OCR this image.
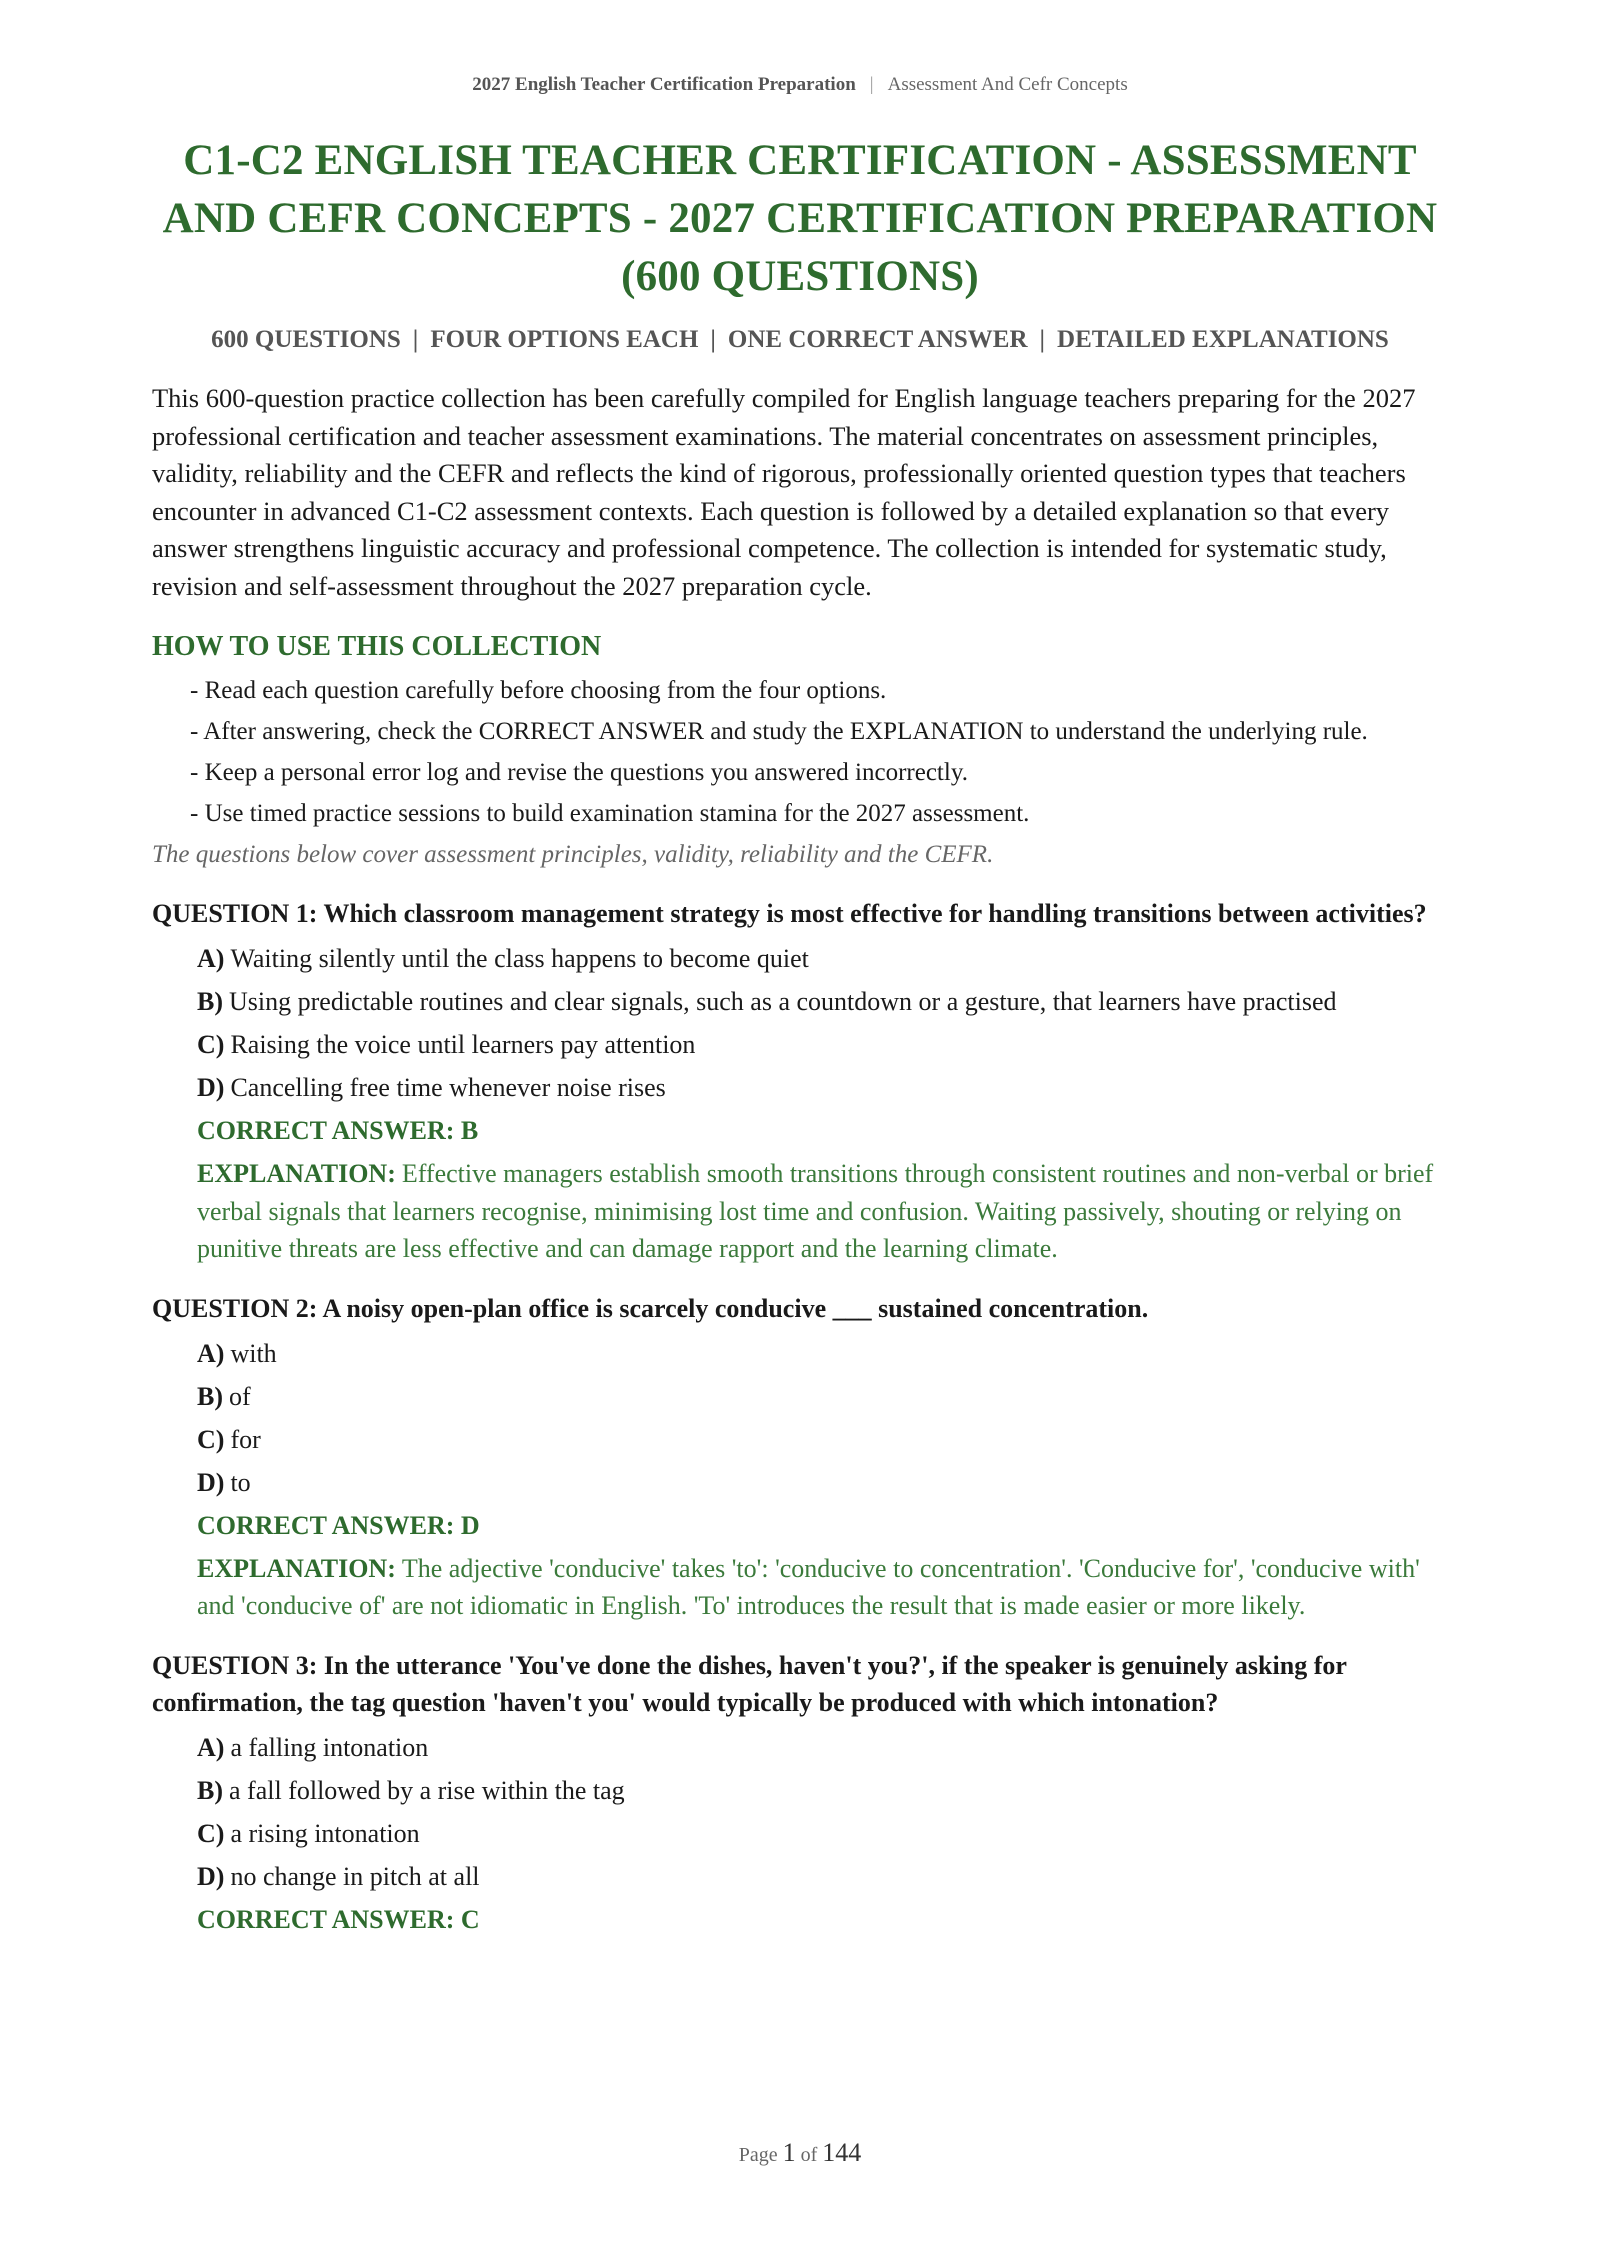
2027 English Teacher Certification Preparation | Assessment And Cefr Concepts
C1-C2 ENGLISH TEACHER CERTIFICATION - ASSESSMENT AND CEFR CONCEPTS - 2027 CERTIFICATION PREPARATION (600 QUESTIONS)
600 QUESTIONS | FOUR OPTIONS EACH | ONE CORRECT ANSWER | DETAILED EXPLANATIONS

This 600-question practice collection has been carefully compiled for English language teachers preparing for the 2027 professional certification and teacher assessment examinations. The material concentrates on assessment principles, validity, reliability and the CEFR and reflects the kind of rigorous, professionally oriented question types that teachers encounter in advanced C1-C2 assessment contexts. Each question is followed by a detailed explanation so that every answer strengthens linguistic accuracy and professional competence. The collection is intended for systematic study, revision and self-assessment throughout the 2027 preparation cycle.

HOW TO USE THIS COLLECTION
- Read each question carefully before choosing from the four options.
- After answering, check the CORRECT ANSWER and study the EXPLANATION to understand the underlying rule.
- Keep a personal error log and revise the questions you answered incorrectly.
- Use timed practice sessions to build examination stamina for the 2027 assessment.

The questions below cover assessment principles, validity, reliability and the CEFR.

QUESTION 1: Which classroom management strategy is most effective for handling transitions between activities?

A) Waiting silently until the class happens to become quiet
B) Using predictable routines and clear signals, such as a countdown or a gesture, that learners have practised
C) Raising the voice until learners pay attention
D) Cancelling free time whenever noise rises

CORRECT ANSWER: B

EXPLANATION: Effective managers establish smooth transitions through consistent routines and non-verbal or brief verbal signals that learners recognise, minimising lost time and confusion. Waiting passively, shouting or relying on punitive threats are less effective and can damage rapport and the learning climate.

QUESTION 2: A noisy open-plan office is scarcely conducive ___ sustained concentration.

A) with
B) of
C) for
D) to

CORRECT ANSWER: D

EXPLANATION: The adjective 'conducive' takes 'to': 'conducive to concentration'. 'Conducive for', 'conducive with' and 'conducive of' are not idiomatic in English. 'To' introduces the result that is made easier or more likely.

QUESTION 3: In the utterance 'You've done the dishes, haven't you?', if the speaker is genuinely asking for confirmation, the tag question 'haven't you' would typically be produced with which intonation?

A) a falling intonation
B) a fall followed by a rise within the tag
C) a rising intonation
D) no change in pitch at all

CORRECT ANSWER: C

Page 1 of 144
